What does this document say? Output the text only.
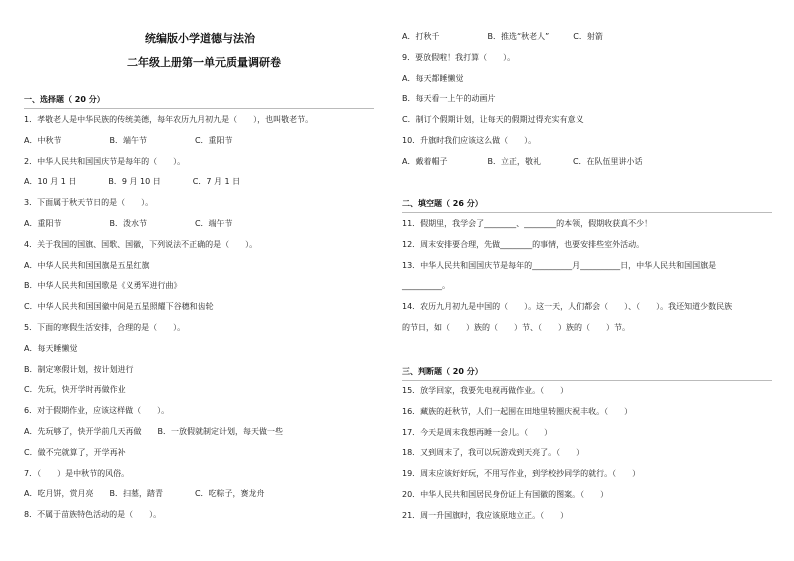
统编版小学道德与法治
二年级上册第一单元质量调研卷
一、选择题（ 20 分）
1．孝敬老人是中华民族的传统美德，每年农历九月初九是（　　），也叫敬老节。
A．中秋节　　　　　　B．端午节　　　　　　C．重阳节
2．中华人民共和国国庆节是每年的（　　）。
A．10 月 1 日　　　　B．9 月 10 日　　　　C．7 月 1 日
3．下面属于秋天节日的是（　　）。
A．重阳节　　　　　　B．泼水节　　　　　　C．端午节
4．关于我国的国旗、国歌、国徽，下列说法不正确的是（　　）。
A．中华人民共和国国旗是五星红旗
B．中华人民共和国国歌是《义勇军进行曲》
C．中华人民共和国国徽中间是五星照耀下谷穗和齿轮
5．下面的寒假生活安排，合理的是（　　）。
A．每天睡懒觉
B．制定寒假计划，按计划进行
C．先玩，快开学时再做作业
6．对于假期作业，应该这样做（　　）。
A．先玩够了，快开学前几天再做　　B．一放假就制定计划，每天做一些
C．做不完就算了，开学再补
7．（　　）是中秋节的风俗。
A．吃月饼，赏月亮　　B．扫墓，踏青　　　　C．吃粽子，赛龙舟
8．不属于苗族特色活动的是（　　）。
A．打秋千　　　　　　B．推选“秋老人”　　　C．射箭
9．要放假啦！我打算（　　）。
A．每天都睡懒觉
B．每天看一上午的动画片
C．制订个假期计划，让每天的假期过得充实有意义
10．升旗时我们应该这么做（　　）。
A．戴着帽子　　　　　B．立正，敬礼　　　　C．在队伍里讲小话
二、填空题（ 26 分）
11．假期里，我学会了________、________的本领，假期收获真不少！
12．周末安排要合理，先做________的事情，也要安排些室外活动。
13．中华人民共和国国庆节是每年的__________月__________日，中华人民共和国国旗是
__________。
14．农历九月初九是中国的（　　）。这一天，人们都会（　　）、（　　）。我还知道少数民族
的节日，如（　　）族的（　　）节、（　　）族的（　　）节。
三、判断题（ 20 分）
15．放学回家，我要先电视再做作业。（　　）
16．藏族的赶秋节，人们一起围在田地里转圈庆祝丰收。（　　）
17．今天是周末我想再睡一会儿。（　　）
18．又到周末了，我可以玩游戏到天亮了。（　　）
19．周末应该好好玩，不用写作业，到学校抄同学的就行。（　　）
20．中华人民共和国居民身份证上有国徽的图案。（　　）
21．周一升国旗时，我应该原地立正。（　　）
